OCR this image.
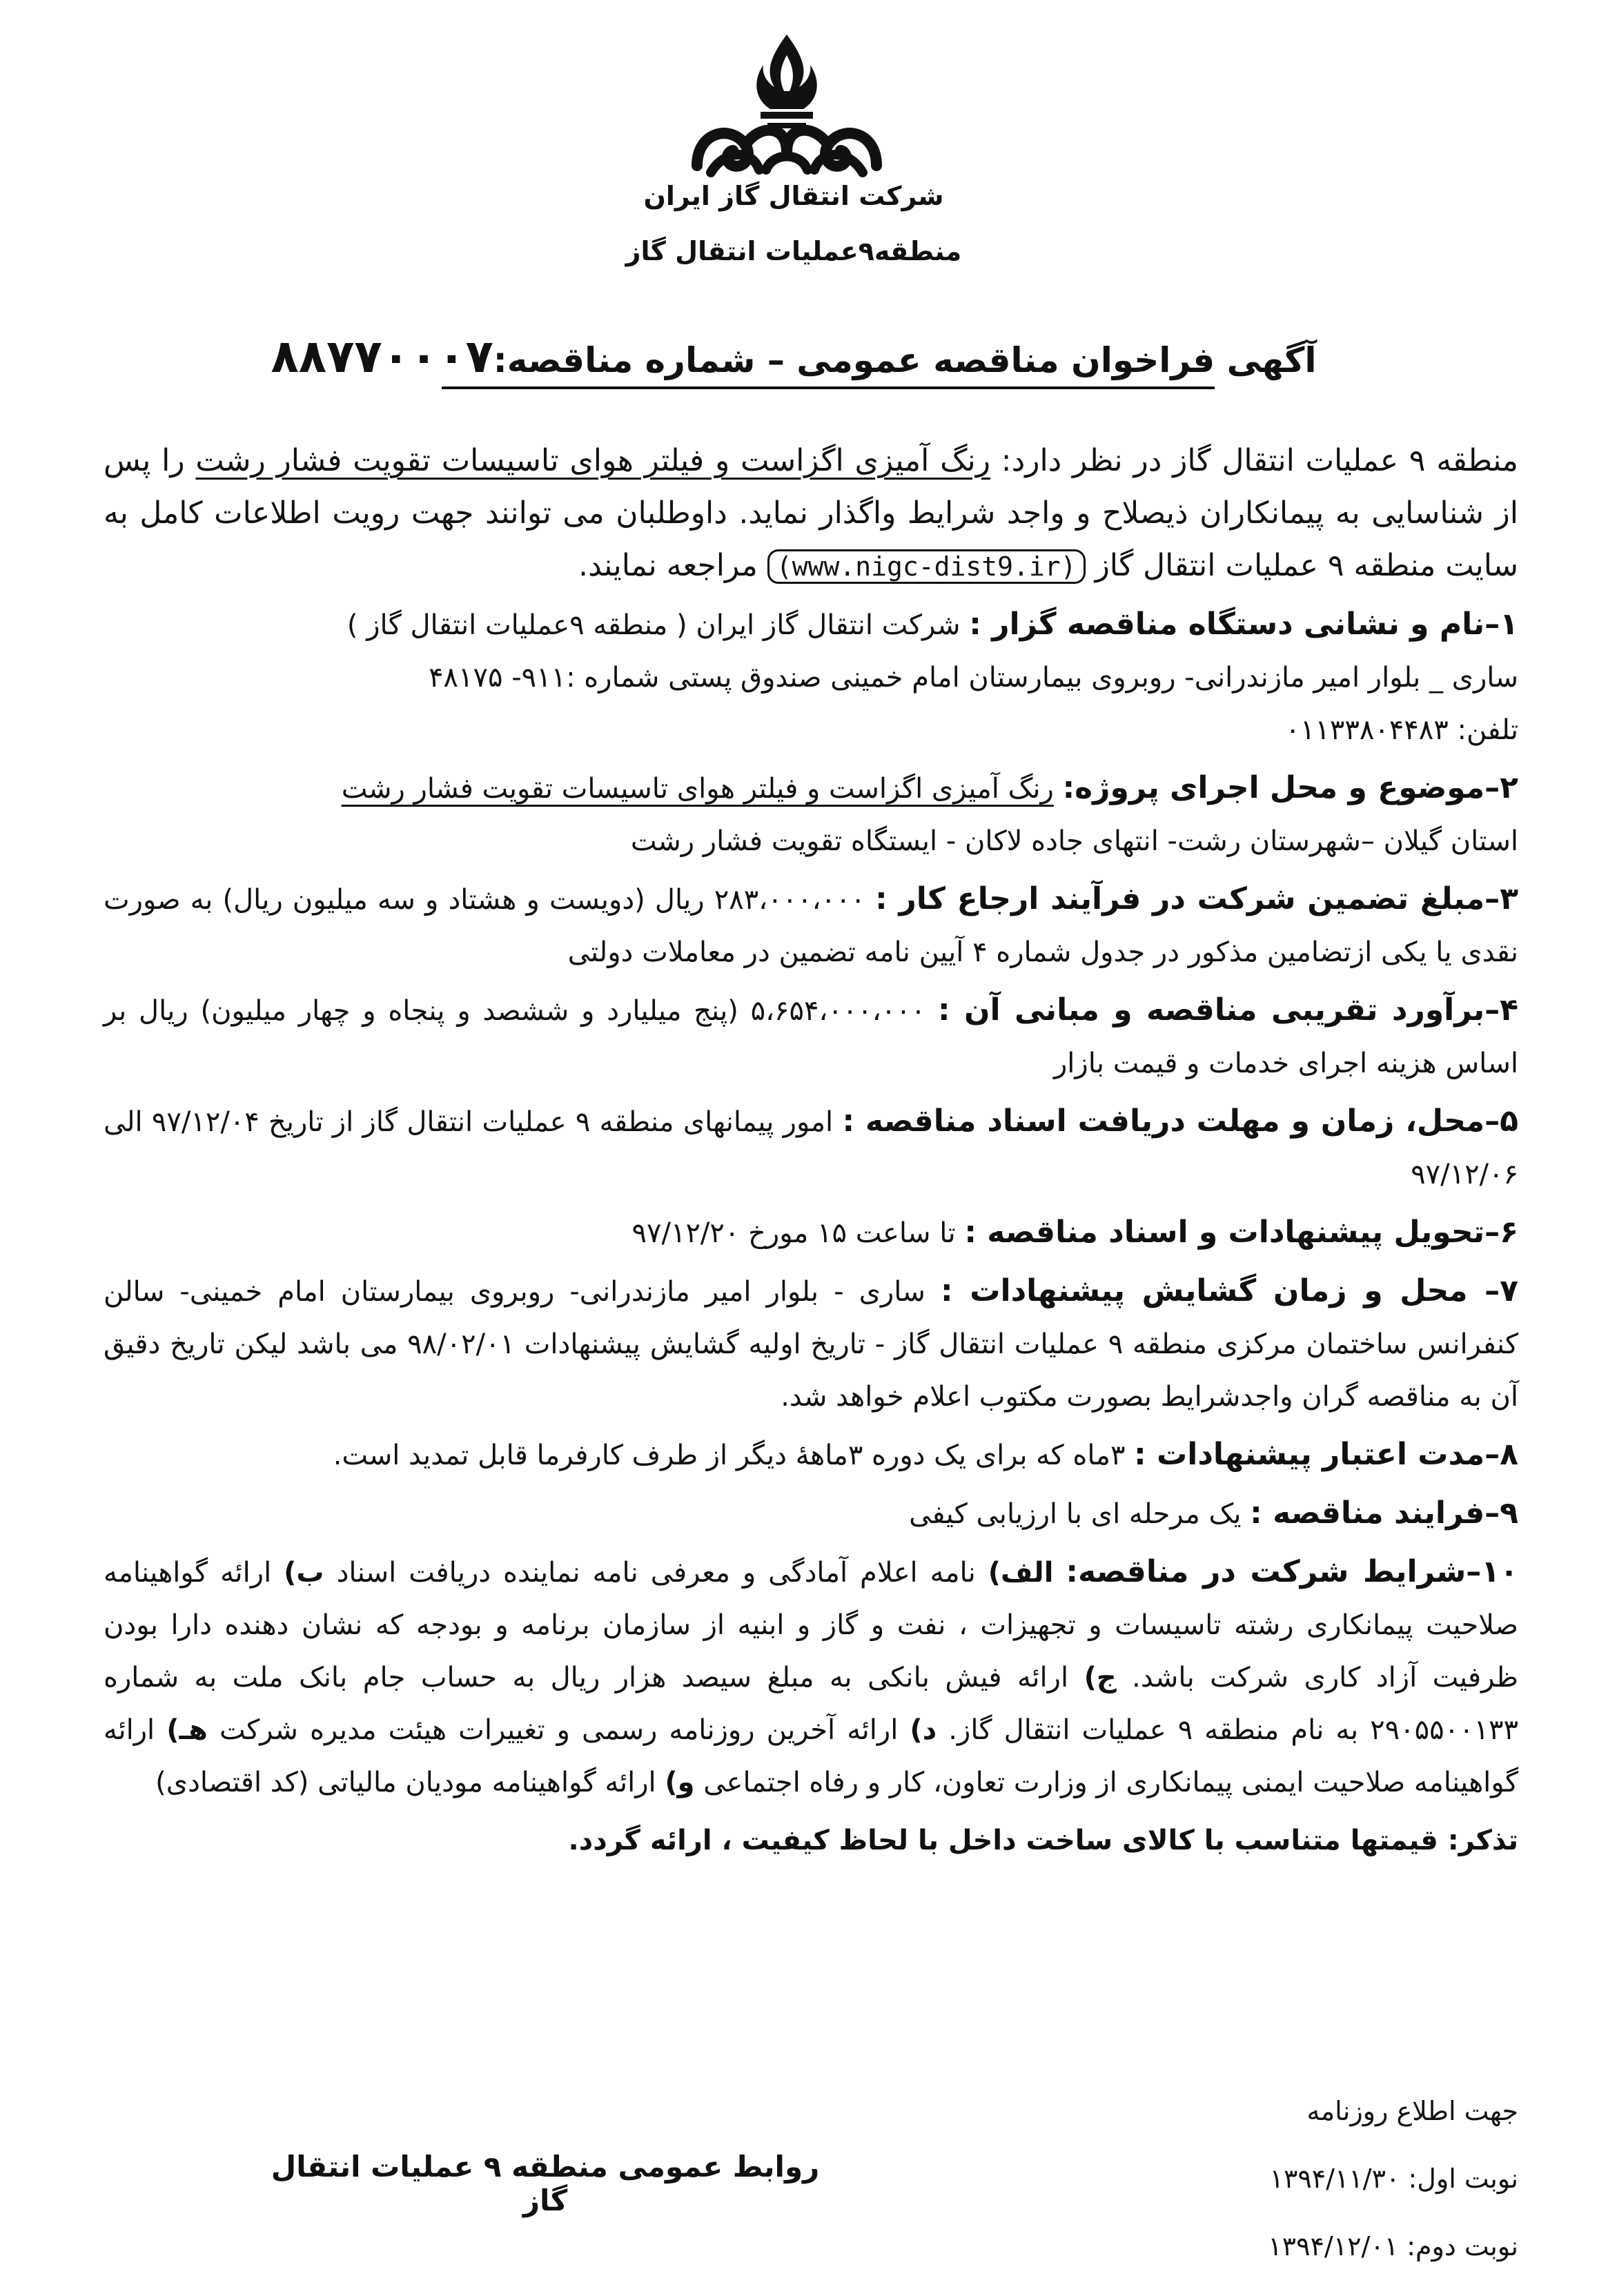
شرکت انتقال گاز ایران
منطقه۹عملیات انتقال گاز
آگهی فراخوان مناقصه عمومی – شماره مناقصه:۸۸۷۷۰۰۰۷

منطقه ۹ عملیات انتقال گاز در نظر دارد: رنگ آمیزی اگزاست و فیلتر هوای تاسیسات تقویت فشار رشت را پس از شناسایی به پیمانکاران ذیصلاح و واجد شرایط واگذار نماید. داوطلبان می توانند جهت رویت اطلاعات کامل به سایت منطقه ۹ عملیات انتقال گاز (www.nigc-dist9.ir) مراجعه نمایند.

۱–نام و نشانی دستگاه مناقصه گزار : شرکت انتقال گاز ایران ( منطقه ۹عملیات انتقال گاز )
ساری _ بلوار امیر مازندرانی- روبروی بیمارستان امام خمینی صندوق پستی شماره :۹۱۱- ۴۸۱۷۵
تلفن: ۰۱۱۳۳۸۰۴۴۸۳

۲–موضوع و محل اجرای پروژه: رنگ آمیزی اگزاست و فیلتر هوای تاسیسات تقویت فشار رشت
استان گیلان –شهرستان رشت- انتهای جاده لاکان - ایستگاه تقویت فشار رشت

۳–مبلغ تضمین شرکت در فرآیند ارجاع کار : ۲۸۳،۰۰۰،۰۰۰ ریال (دویست و هشتاد و سه میلیون ریال) به صورت نقدی یا یکی ازتضامین مذکور در جدول شماره ۴ آیین نامه تضمین در معاملات دولتی

۴–برآورد تقریبی مناقصه و مبانی آن : ۵،۶۵۴،۰۰۰،۰۰۰ (پنج میلیارد و ششصد و پنجاه و چهار میلیون) ریال بر اساس هزینه اجرای خدمات و قیمت بازار

۵–محل، زمان و مهلت دریافت اسناد مناقصه : امور پیمانهای منطقه ۹ عملیات انتقال گاز از تاریخ ۹۷/۱۲/۰۴ الی ۹۷/۱۲/۰۶

۶–تحویل پیشنهادات و اسناد مناقصه : تا ساعت ۱۵ مورخ ۹۷/۱۲/۲۰

۷– محل و زمان گشایش پیشنهادات : ساری - بلوار امیر مازندرانی- روبروی بیمارستان امام خمینی- سالن کنفرانس ساختمان مرکزی منطقه ۹ عملیات انتقال گاز - تاریخ اولیه گشایش پیشنهادات ۹۸/۰۲/۰۱ می باشد لیکن تاریخ دقیق آن به مناقصه گران واجدشرایط بصورت مکتوب اعلام خواهد شد.

۸–مدت اعتبار پیشنهادات : ۳ماه که برای یک دوره ۳ماهۀ دیگر از طرف کارفرما قابل تمدید است.

۹–فرایند مناقصه : یک مرحله ای با ارزیابی کیفی

۱۰–شرایط شرکت در مناقصه: الف) نامه اعلام آمادگی و معرفی نامه نماینده دریافت اسناد ب) ارائه گواهینامه صلاحیت پیمانکاری رشته تاسیسات و تجهیزات ، نفت و گاز و ابنیه از سازمان برنامه و بودجه که نشان دهنده دارا بودن ظرفیت آزاد کاری شرکت باشد. ج) ارائه فیش بانکی به مبلغ سیصد هزار ریال به حساب جام بانک ملت به شماره ۲۹۰۵۵۰۰۱۳۳ به نام منطقه ۹ عملیات انتقال گاز. د) ارائه آخرین روزنامه رسمی و تغییرات هیئت مدیره شرکت هـ) ارائه گواهینامه صلاحیت ایمنی پیمانکاری از وزارت تعاون، کار و رفاه اجتماعی و) ارائه گواهینامه مودیان مالیاتی (کد اقتصادی)

تذکر: قیمتها متناسب با کالای ساخت داخل با لحاظ کیفیت ، ارائه گردد.

جهت اطلاع روزنامه
نوبت اول: ۱۳۹۴/۱۱/۳۰
نوبت دوم: ۱۳۹۴/۱۲/۰۱
روابط عمومی منطقه ۹ عملیات انتقال گاز
